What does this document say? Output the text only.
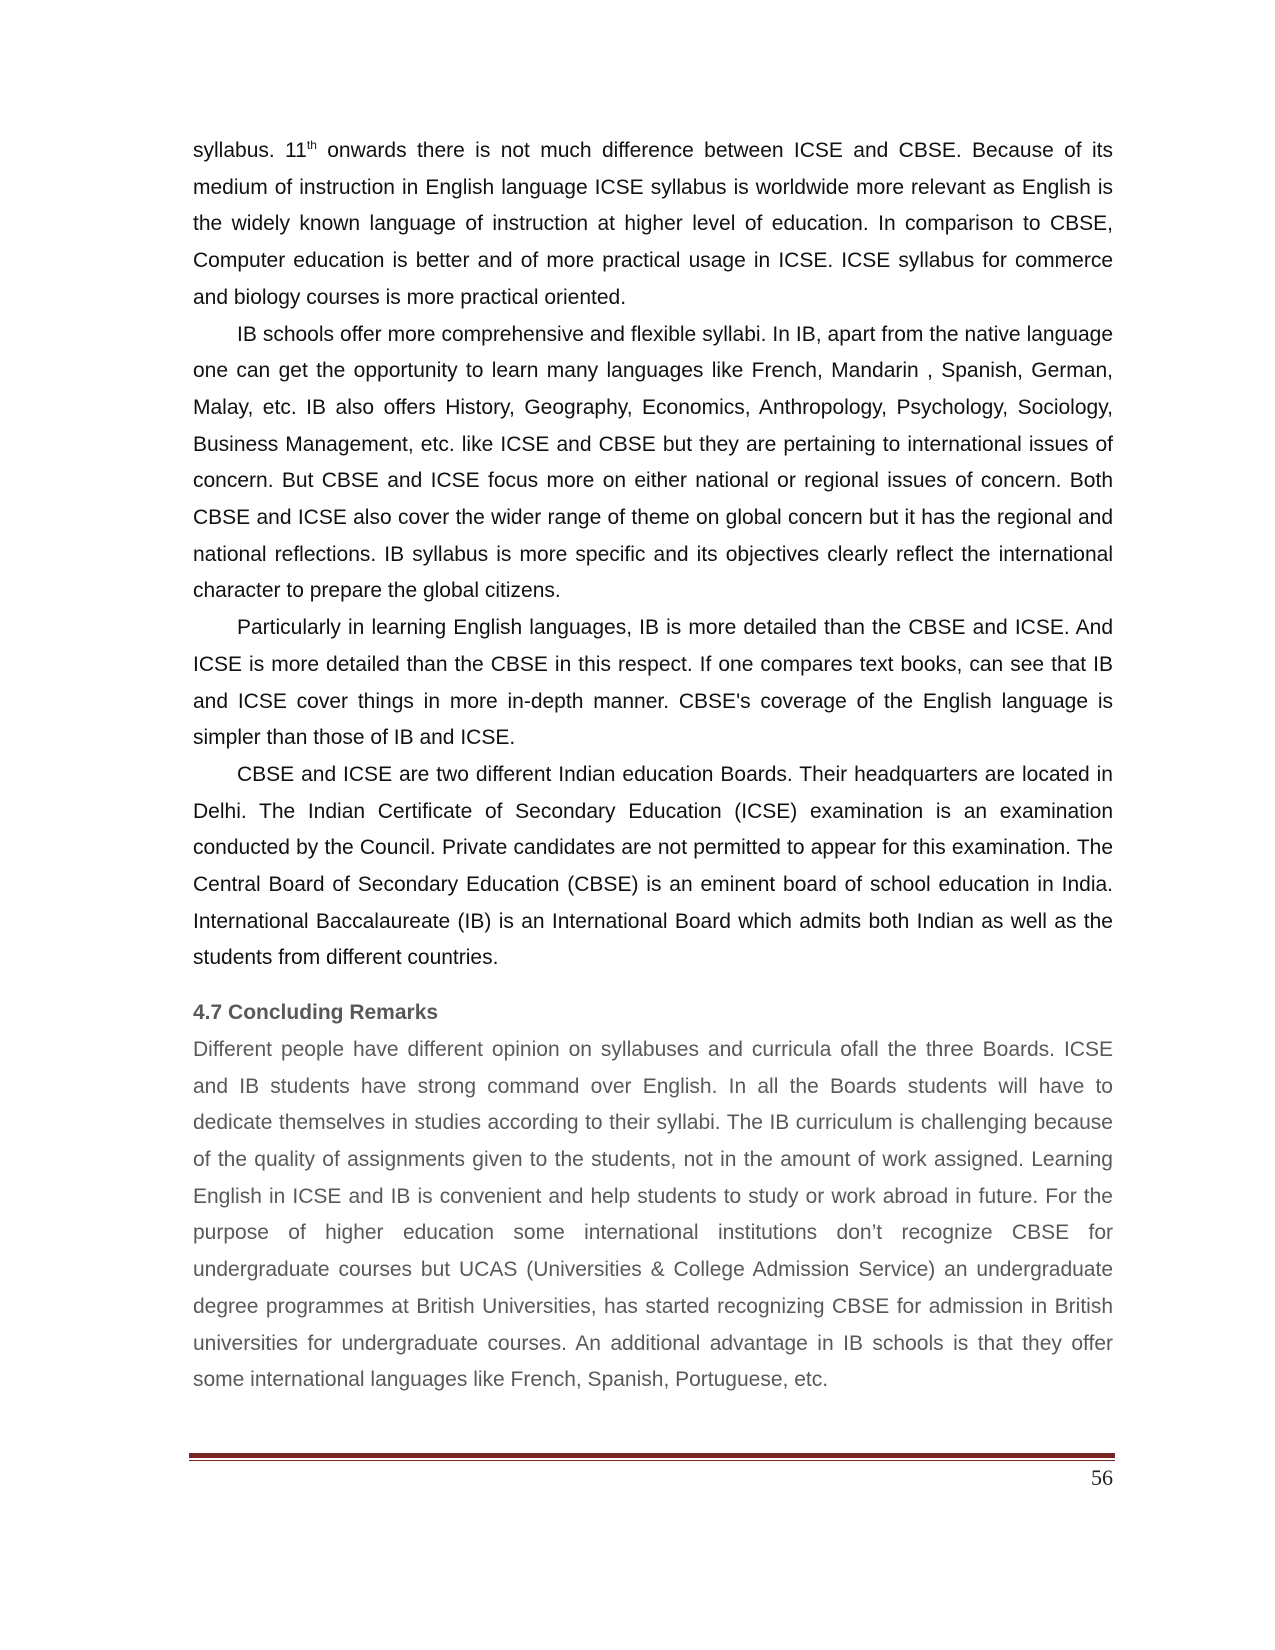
syllabus. 11th onwards there is not much difference between ICSE and CBSE. Because of its medium of instruction in English language ICSE syllabus is worldwide more relevant as English is the widely known language of instruction at higher level of education. In comparison to CBSE, Computer education is better and of more practical usage in ICSE. ICSE syllabus for commerce and biology courses is more practical oriented.

IB schools offer more comprehensive and flexible syllabi. In IB, apart from the native language one can get the opportunity to learn many languages like French, Mandarin , Spanish, German, Malay, etc. IB also offers History, Geography, Economics, Anthropology, Psychology, Sociology, Business Management, etc. like ICSE and CBSE but they are pertaining to international issues of concern. But CBSE and ICSE focus more on either national or regional issues of concern. Both CBSE and ICSE also cover the wider range of theme on global concern but it has the regional and national reflections. IB syllabus is more specific and its objectives clearly reflect the international character to prepare the global citizens.

Particularly in learning English languages, IB is more detailed than the CBSE and ICSE. And ICSE is more detailed than the CBSE in this respect. If one compares text books, can see that IB and ICSE cover things in more in-depth manner. CBSE's coverage of the English language is simpler than those of IB and ICSE.

CBSE and ICSE are two different Indian education Boards. Their headquarters are located in Delhi. The Indian Certificate of Secondary Education (ICSE) examination is an examination conducted by the Council. Private candidates are not permitted to appear for this examination. The Central Board of Secondary Education (CBSE) is an eminent board of school education in India. International Baccalaureate (IB) is an International Board which admits both Indian as well as the students from different countries.

4.7 Concluding Remarks

Different people have different opinion on syllabuses and curricula ofall the three Boards. ICSE and IB students have strong command over English. In all the Boards students will have to dedicate themselves in studies according to their syllabi. The IB curriculum is challenging because of the quality of assignments given to the students, not in the amount of work assigned. Learning English in ICSE and IB is convenient and help students to study or work abroad in future. For the purpose of higher education some international institutions don’t recognize CBSE for undergraduate courses but UCAS (Universities & College Admission Service) an undergraduate degree programmes at British Universities, has started recognizing CBSE for admission in British universities for undergraduate courses. An additional advantage in IB schools is that they offer some international languages like French, Spanish, Portuguese, etc.

56
